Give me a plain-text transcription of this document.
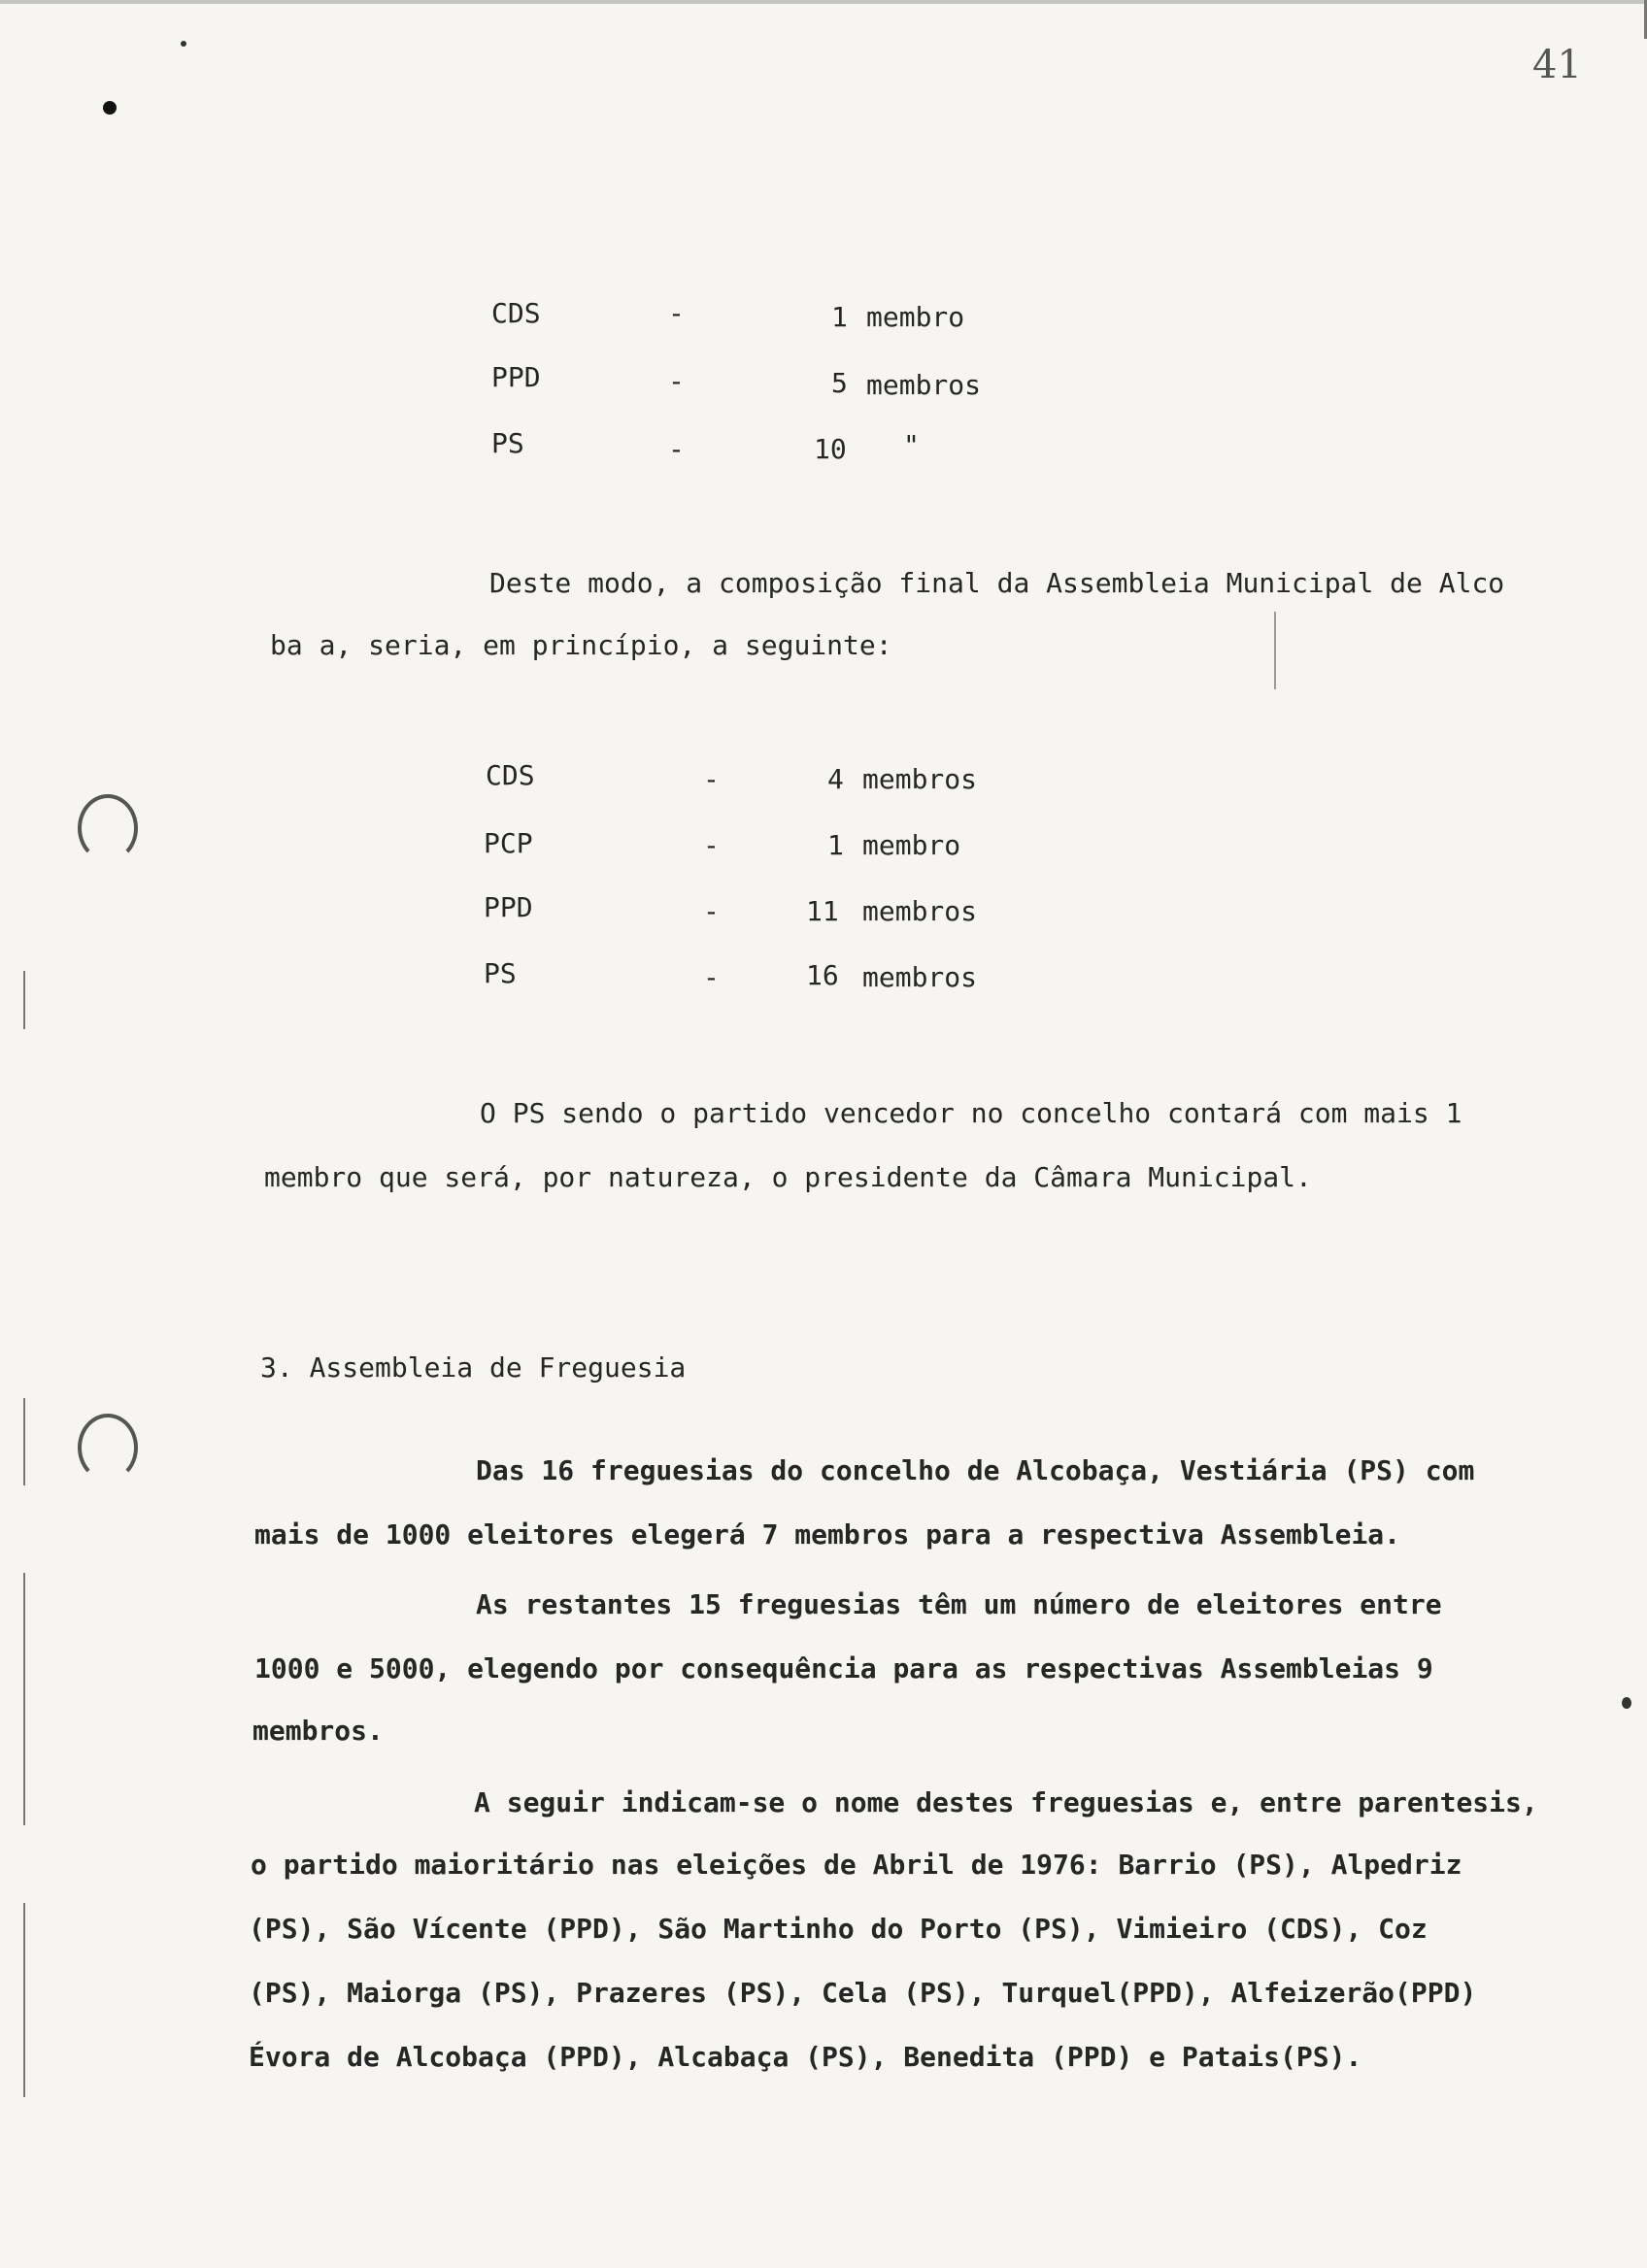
41
CDS	-	1 membro
PPD	-	5 membros
PS	-	10 "
Deste modo, a composição final da Assembleia Municipal de Alco
ba a, seria, em princípio, a seguinte:
CDS	-	4 membros
PCP	-	1 membro
PPD	-	11 membros
PS	-	16 membros
O PS sendo o partido vencedor no concelho contará com mais 1
membro que será, por natureza, o presidente da Câmara Municipal.
3. Assembleia de Freguesia
Das 16 freguesias do concelho de Alcobaça, Vestiária (PS) com
mais de 1000 eleitores elegerá 7 membros para a respectiva Assembleia.
As restantes 15 freguesias têm um número de eleitores entre
1000 e 5000, elegendo por consequência para as respectivas Assembleias 9
membros.
A seguir indicam-se o nome destes freguesias e, entre parentesis,
o partido maioritário nas eleições de Abril de 1976: Barrio (PS), Alpedriz
(PS), São Vícente (PPD), São Martinho do Porto (PS), Vimieiro (CDS), Coz
(PS), Maiorga (PS), Prazeres (PS), Cela (PS), Turquel(PPD), Alfeizerão(PPD)
Évora de Alcobaça (PPD), Alcabaça (PS), Benedita (PPD) e Patais(PS).
